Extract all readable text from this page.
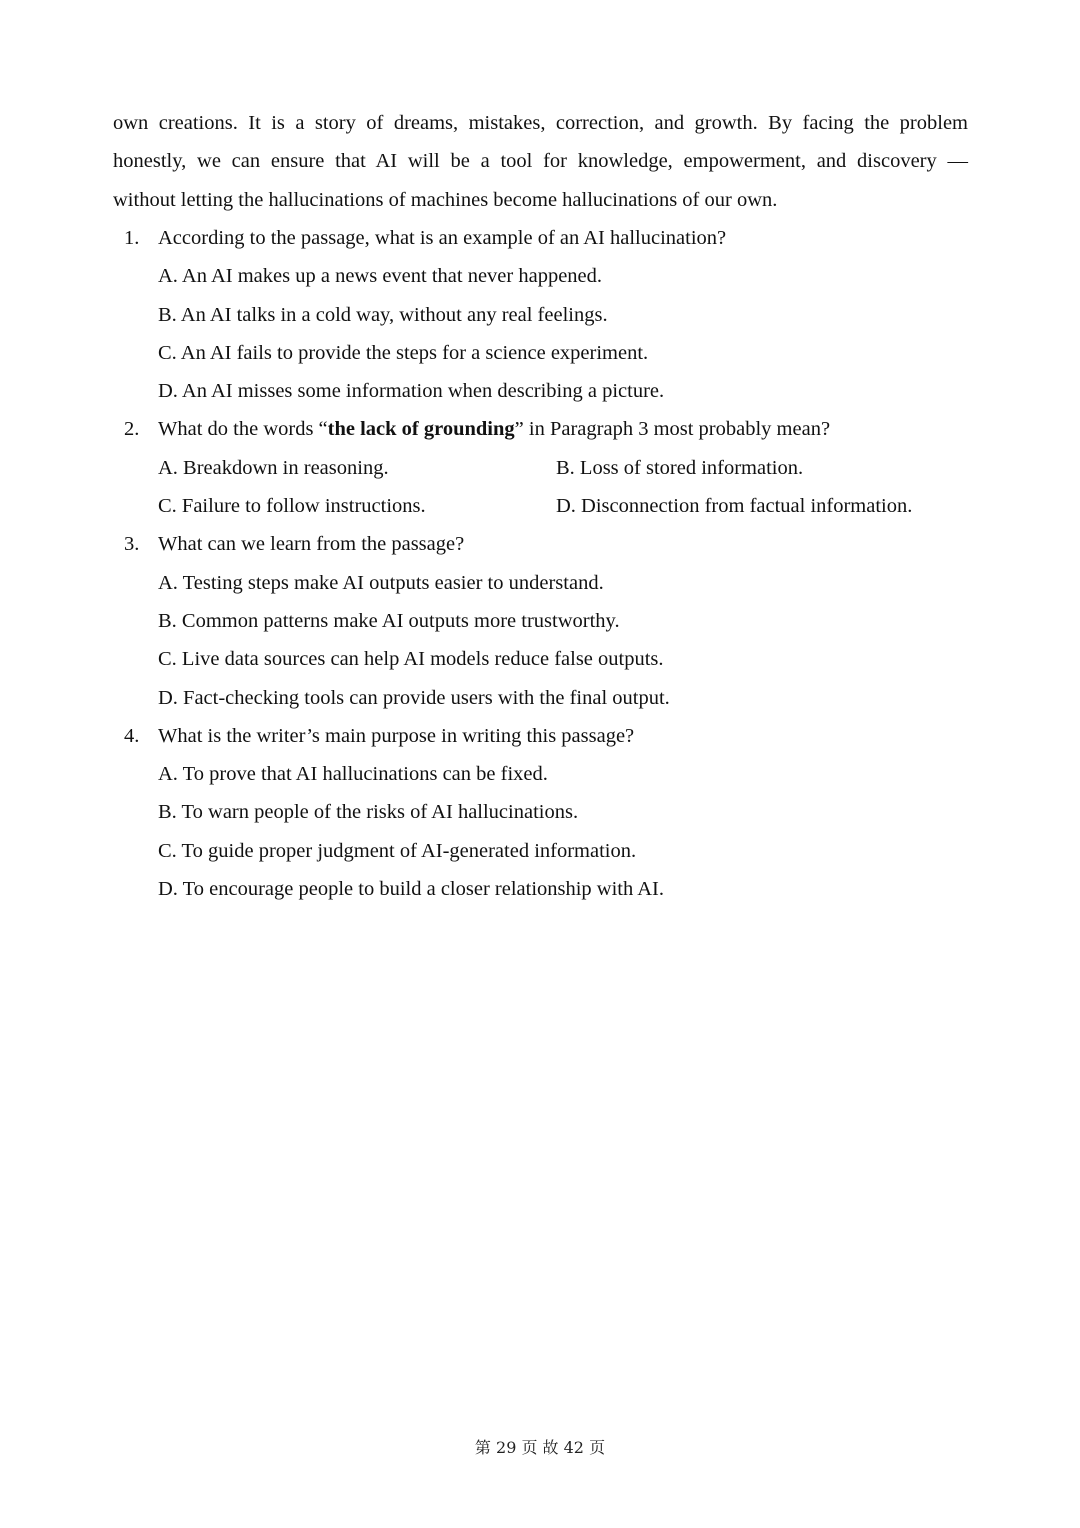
own creations. It is a story of dreams, mistakes, correction, and growth. By facing the problem
honestly, we can ensure that AI will be a tool for knowledge, empowerment, and discovery —
without letting the hallucinations of machines become hallucinations of our own.
1. According to the passage, what is an example of an AI hallucination?
A. An AI makes up a news event that never happened.
B. An AI talks in a cold way, without any real feelings.
C. An AI fails to provide the steps for a science experiment.
D. An AI misses some information when describing a picture.
2. What do the words “the lack of grounding” in Paragraph 3 most probably mean?
A. Breakdown in reasoning.	B. Loss of stored information.
C. Failure to follow instructions.	D. Disconnection from factual information.
3. What can we learn from the passage?
A. Testing steps make AI outputs easier to understand.
B. Common patterns make AI outputs more trustworthy.
C. Live data sources can help AI models reduce false outputs.
D. Fact-checking tools can provide users with the final output.
4. What is the writer’s main purpose in writing this passage?
A. To prove that AI hallucinations can be fixed.
B. To warn people of the risks of AI hallucinations.
C. To guide proper judgment of AI-generated information.
D. To encourage people to build a closer relationship with AI.
第 29 页 故 42 页
